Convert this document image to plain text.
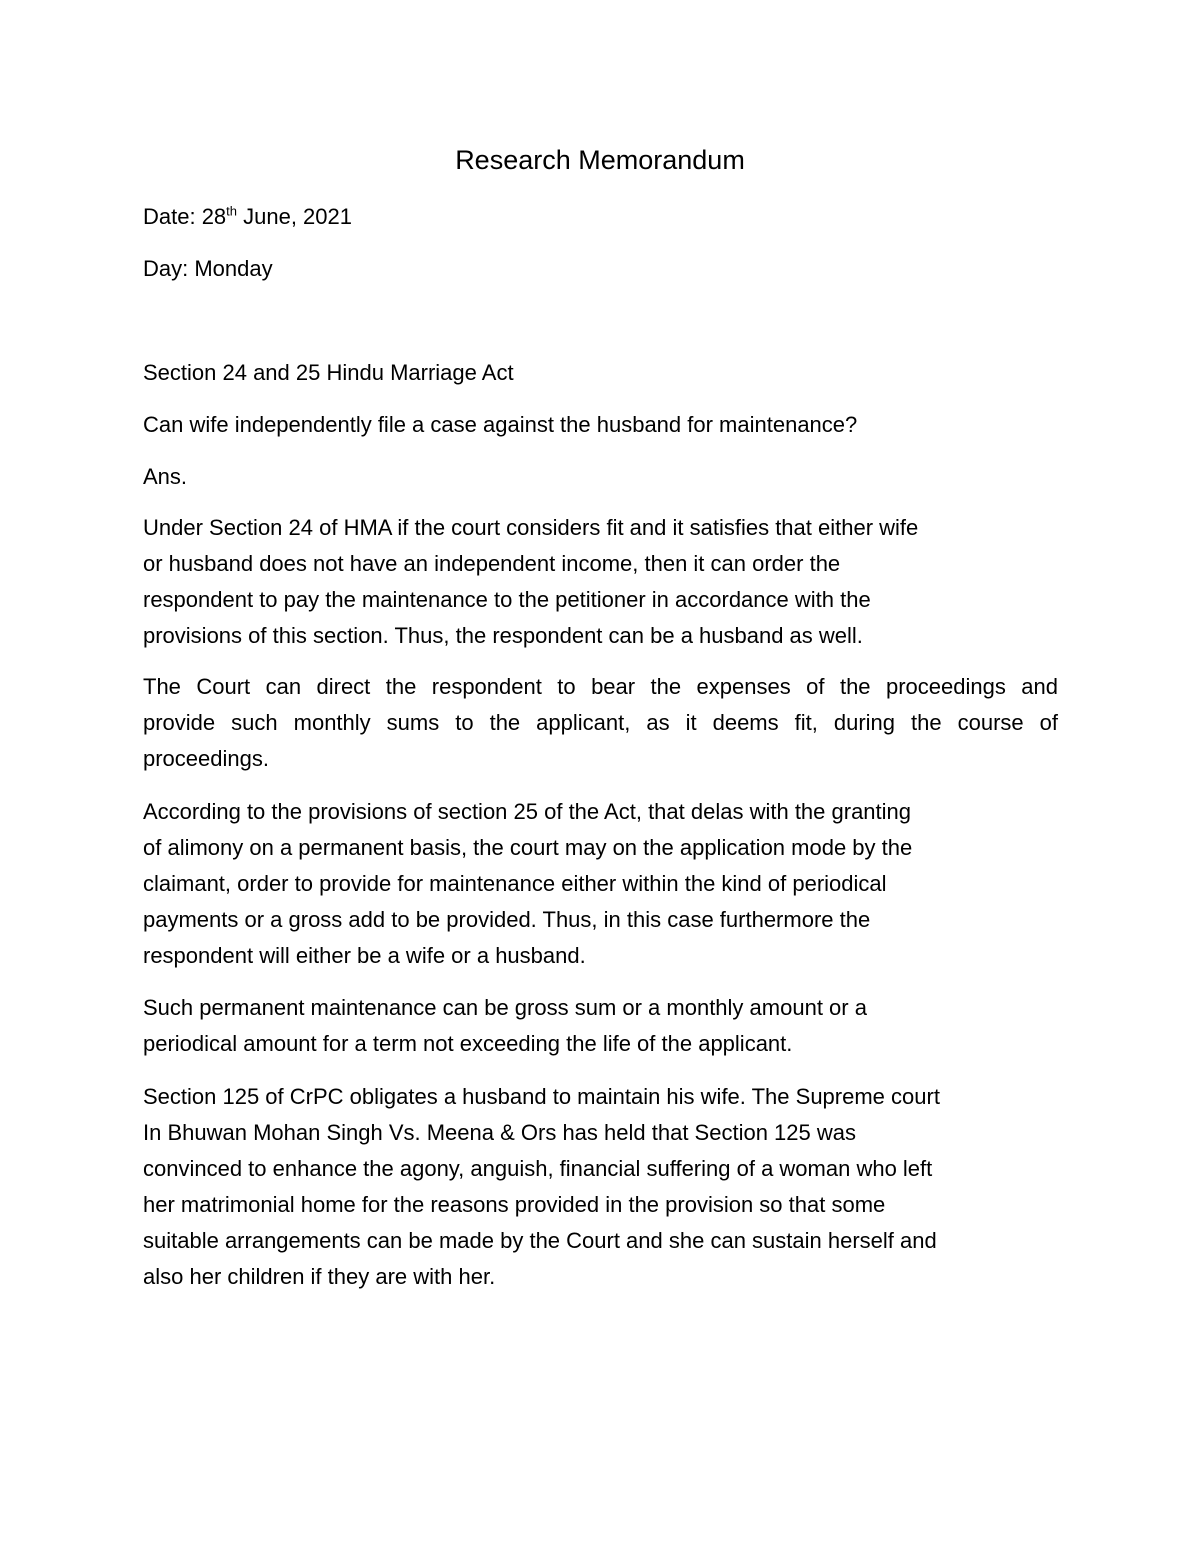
Research Memorandum

Date: 28th June, 2021

Day: Monday

Section 24 and 25 Hindu Marriage Act

Can wife independently file a case against the husband for maintenance?

Ans.

Under Section 24 of HMA if the court considers fit and it satisfies that either wife
or husband does not have an independent income, then it can order the
respondent to pay the maintenance to the petitioner in accordance with the
provisions of this section. Thus, the respondent can be a husband as well.
The Court can direct the respondent to bear the expenses of the proceedings and
provide such monthly sums to the applicant, as it deems fit, during the course of
proceedings.
According to the provisions of section 25 of the Act, that delas with the granting
of alimony on a permanent basis, the court may on the application mode by the
claimant, order to provide for maintenance either within the kind of periodical
payments or a gross add to be provided. Thus, in this case furthermore the
respondent will either be a wife or a husband.
Such permanent maintenance can be gross sum or a monthly amount or a
periodical amount for a term not exceeding the life of the applicant.
Section 125 of CrPC obligates a husband to maintain his wife. The Supreme court
In Bhuwan Mohan Singh Vs. Meena & Ors has held that Section 125 was
convinced to enhance the agony, anguish, financial suffering of a woman who left
her matrimonial home for the reasons provided in the provision so that some
suitable arrangements can be made by the Court and she can sustain herself and
also her children if they are with her.
